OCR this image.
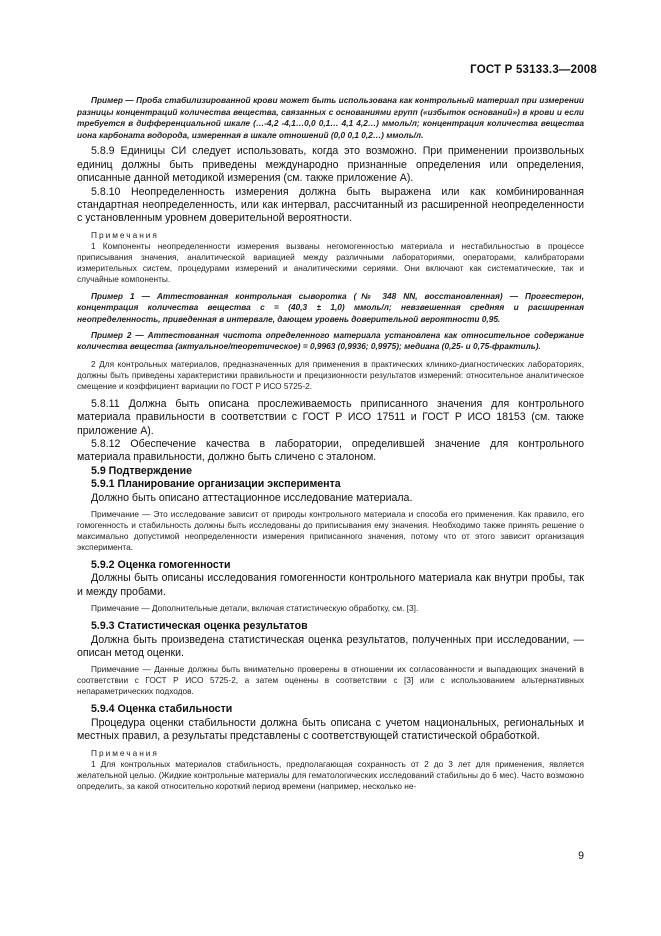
ГОСТ Р 53133.3—2008

Пример — Проба стабилизированной крови может быть использована как контрольный материал при измерении разницы концентраций количества вещества, связанных с основаниями групп («избыток оснований») в крови и если требуется в дифференциальной шкале (…-4,2 -4,1…0,0 0,1… 4,1 4,2…) ммоль/л; концентрация количества вещества иона карбоната водорода, измеренная в шкале отношений (0,0 0,1 0,2…) ммоль/л.

5.8.9 Единицы СИ следует использовать, когда это возможно. При применении произвольных единиц должны быть приведены международно признанные определения или определения, описанные данной методикой измерения (см. также приложение А).

5.8.10 Неопределенность измерения должна быть выражена или как комбинированная стандартная неопределенность, или как интервал, рассчитанный из расширенной неопределенности с установленным уровнем доверительной вероятности.

Примечания

1 Компоненты неопределенности измерения вызваны негомогенностью материала и нестабильностью в процессе приписывания значения, аналитической вариацией между различными лабораториями, операторами, калибраторами измерительных систем, процедурами измерений и аналитическими сериями. Они включают как систематические, так и случайные компоненты.

Пример 1 — Аттестованная контрольная сыворотка (№ 348 NN, восстановленная) — Прогестерон, концентрация количества вещества c = (40,3 ± 1,0) ммоль/л; невзвешенная средняя и расширенная неопределенность, приведенная в интервале, дающем уровень доверительной вероятности 0,95.

Пример 2 — Аттестованная чистота определенного материала установлена как относительное содержание количества вещества (актуальное/теоретическое) = 0,9963 (0,9936; 0,9975); медиана (0,25- и 0,75-фрактиль).

2 Для контрольных материалов, предназначенных для применения в практических клинико-диагностических лабораториях, должны быть приведены характеристики правильности и прецизионности результатов измерений: относительное аналитическое смещение и коэффициент вариации по ГОСТ Р ИСО 5725-2.

5.8.11 Должна быть описана прослеживаемость приписанного значения для контрольного материала правильности в соответствии с ГОСТ Р ИСО 17511 и ГОСТ Р ИСО 18153 (см. также приложение А).

5.8.12 Обеспечение качества в лаборатории, определившей значение для контрольного материала правильности, должно быть сличено с эталоном.

5.9 Подтверждение

5.9.1 Планирование организации эксперимента

Должно быть описано аттестационное исследование материала.

Примечание — Это исследование зависит от природы контрольного материала и способа его применения. Как правило, его гомогенность и стабильность должны быть исследованы до приписывания ему значения. Необходимо также принять решение о максимально допустимой неопределенности измерения приписанного значения, потому что от этого зависит организация эксперимента.

5.9.2 Оценка гомогенности

Должны быть описаны исследования гомогенности контрольного материала как внутри пробы, так и между пробами.

Примечание — Дополнительные детали, включая статистическую обработку, см. [3].

5.9.3 Статистическая оценка результатов

Должна быть произведена статистическая оценка результатов, полученных при исследовании, — описан метод оценки.

Примечание — Данные должны быть внимательно проверены в отношении их согласованности и выпадающих значений в соответствии с ГОСТ Р ИСО 5725-2, а затем оценены в соответствии с [3] или с использованием альтернативных непараметрических подходов.

5.9.4 Оценка стабильности

Процедура оценки стабильности должна быть описана с учетом национальных, региональных и местных правил, а результаты представлены с соответствующей статистической обработкой.

Примечания

1 Для контрольных материалов стабильность, предполагающая сохранность от 2 до 3 лет для применения, является желательной целью. (Жидкие контрольные материалы для гематологических исследований стабильны до 6 мес). Часто возможно определить, за какой относительно короткий период времени (например, несколько не-

9
